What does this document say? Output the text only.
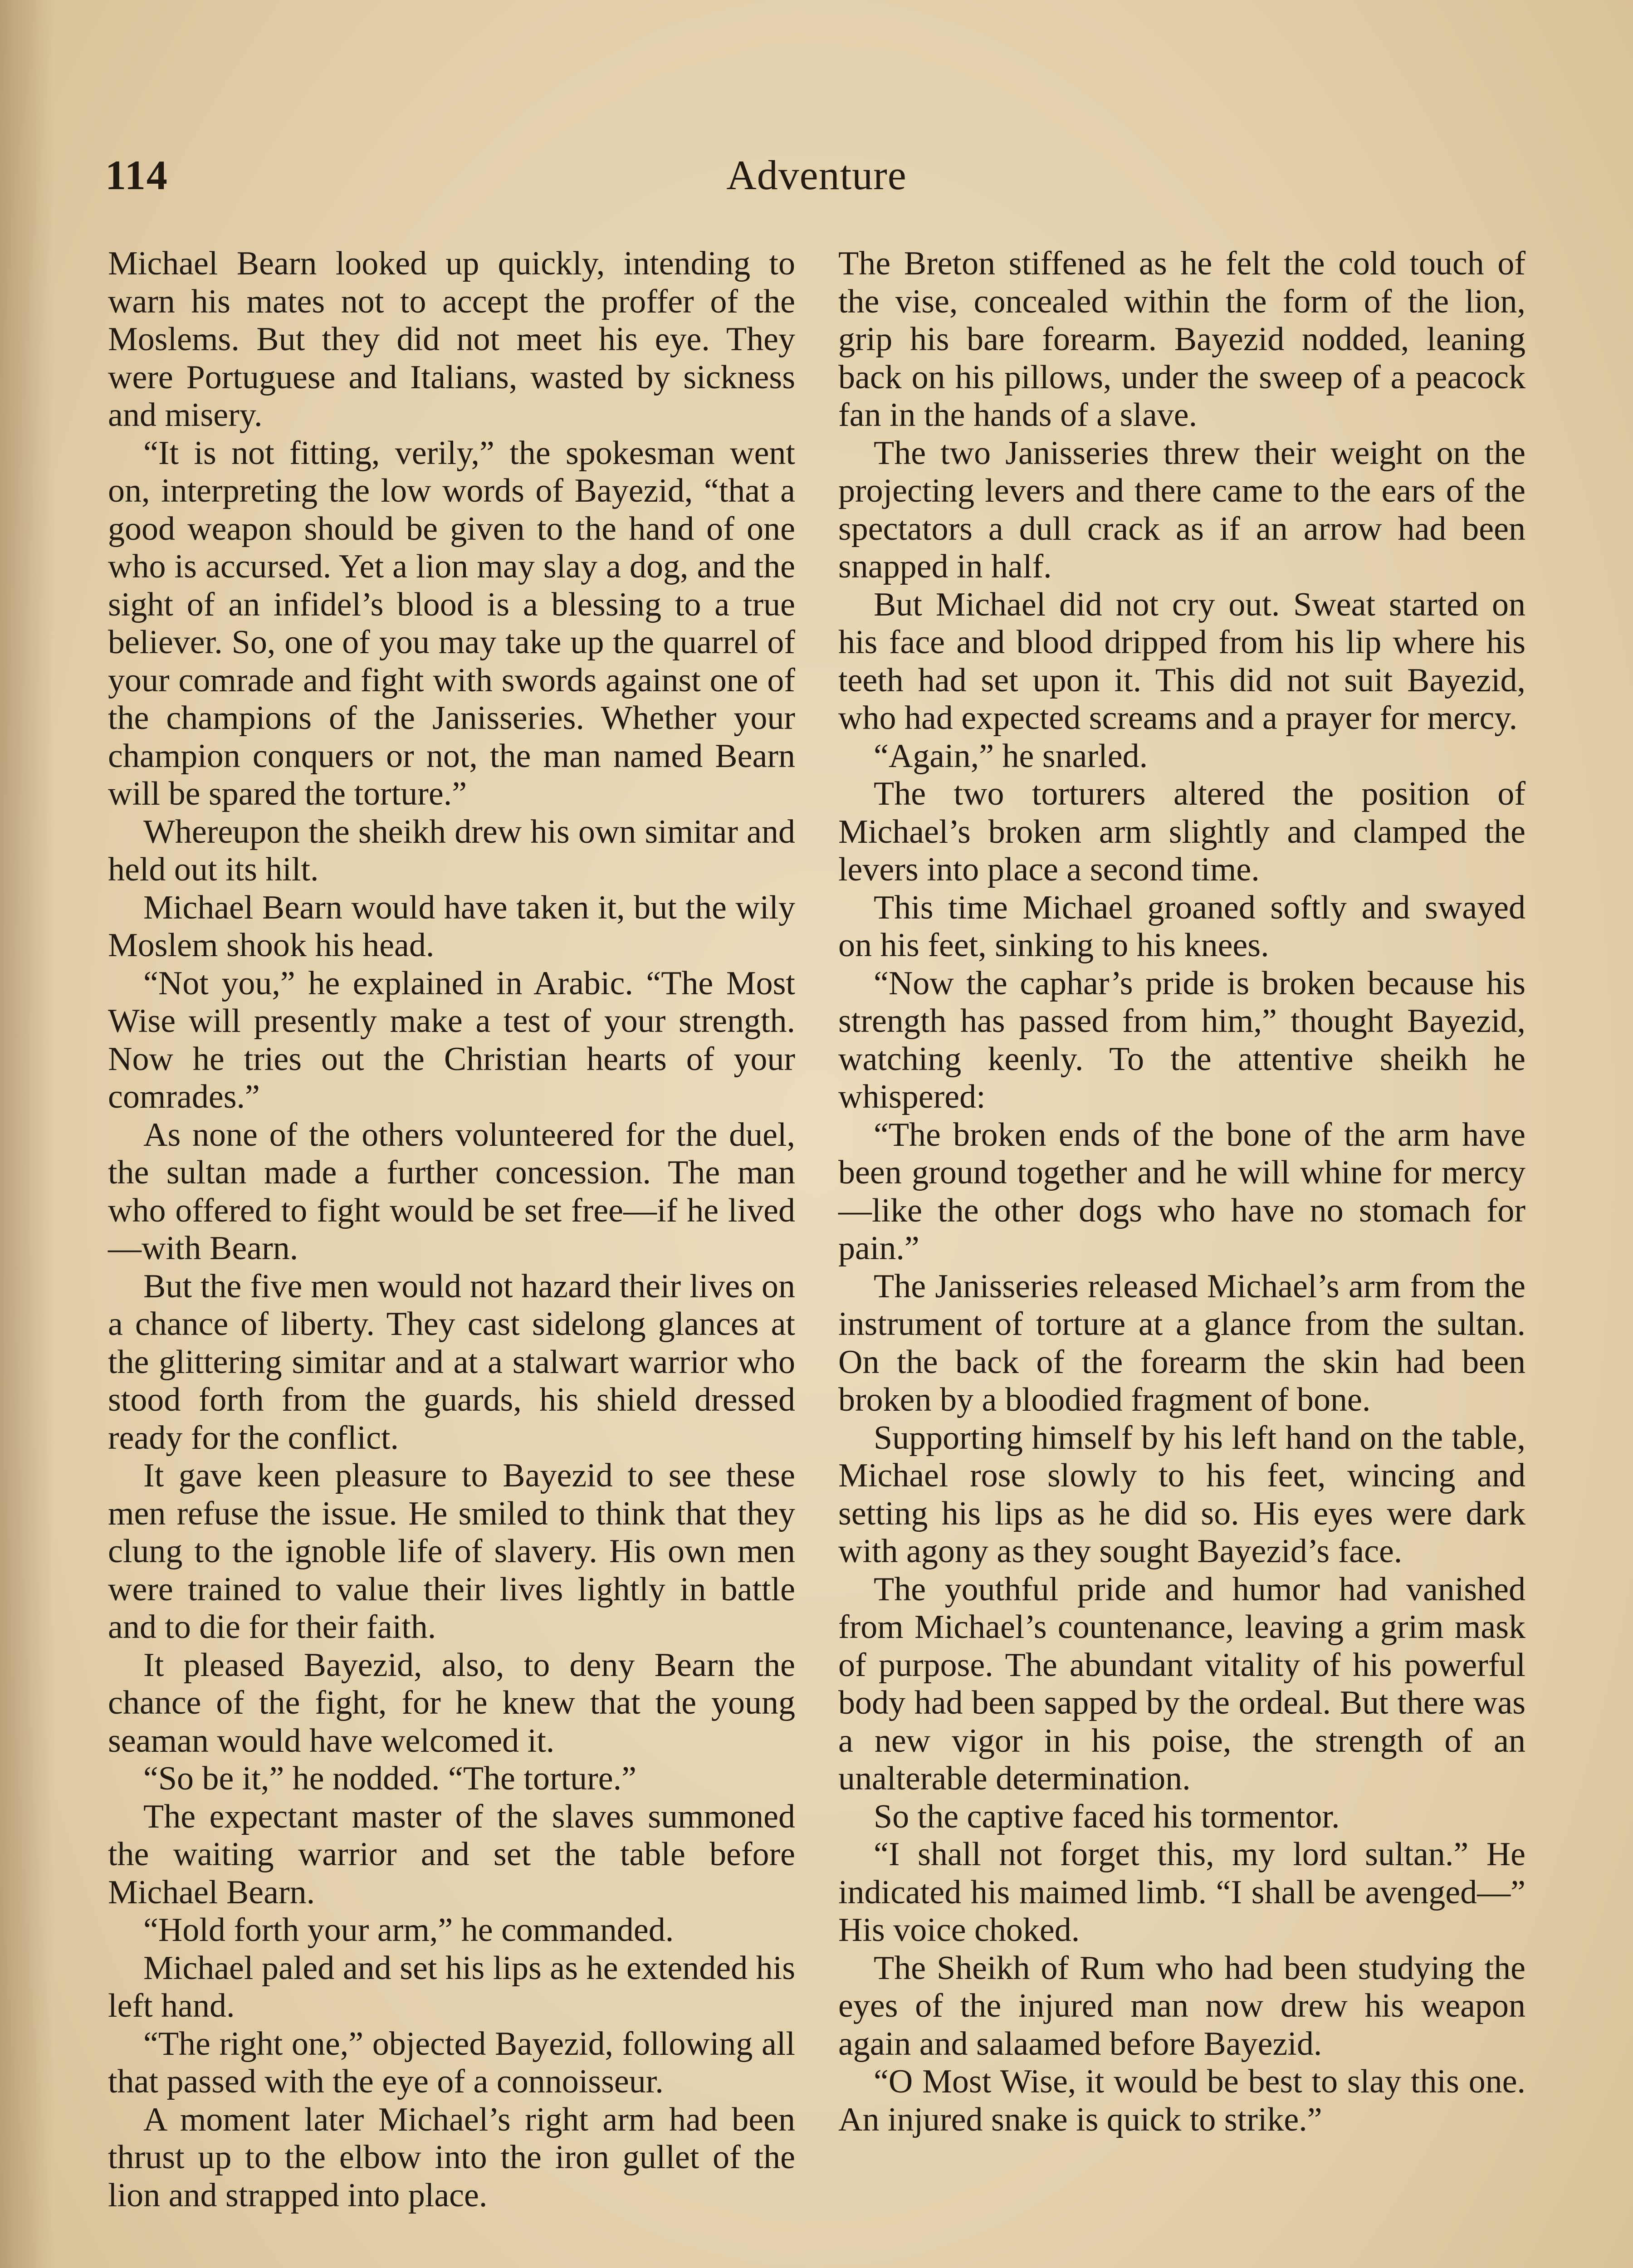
114	Adventure

Michael Bearn looked up quickly, intending to warn his mates not to accept the proffer of the Moslems. But they did not meet his eye. They were Portuguese and Italians, wasted by sickness and misery.

“It is not fitting, verily,” the spokesman went on, interpreting the low words of Bayezid, “that a good weapon should be given to the hand of one who is accursed. Yet a lion may slay a dog, and the sight of an infidel’s blood is a blessing to a true believer. So, one of you may take up the quarrel of your comrade and fight with swords against one of the champions of the Janisseries. Whether your champion conquers or not, the man named Bearn will be spared the torture.”

Whereupon the sheikh drew his own simitar and held out its hilt.

Michael Bearn would have taken it, but the wily Moslem shook his head.

“Not you,” he explained in Arabic. “The Most Wise will presently make a test of your strength. Now he tries out the Christian hearts of your comrades.”

As none of the others volunteered for the duel, the sultan made a further concession. The man who offered to fight would be set free—if he lived—with Bearn.

But the five men would not hazard their lives on a chance of liberty. They cast sidelong glances at the glittering simitar and at a stalwart warrior who stood forth from the guards, his shield dressed ready for the conflict.

It gave keen pleasure to Bayezid to see these men refuse the issue. He smiled to think that they clung to the ignoble life of slavery. His own men were trained to value their lives lightly in battle and to die for their faith.

It pleased Bayezid, also, to deny Bearn the chance of the fight, for he knew that the young seaman would have welcomed it.

“So be it,” he nodded. “The torture.”

The expectant master of the slaves summoned the waiting warrior and set the table before Michael Bearn.

“Hold forth your arm,” he commanded.

Michael paled and set his lips as he extended his left hand.

“The right one,” objected Bayezid, following all that passed with the eye of a connoisseur.

A moment later Michael’s right arm had been thrust up to the elbow into the iron gullet of the lion and strapped into place.

The Breton stiffened as he felt the cold touch of the vise, concealed within the form of the lion, grip his bare forearm. Bayezid nodded, leaning back on his pillows, under the sweep of a peacock fan in the hands of a slave.

The two Janisseries threw their weight on the projecting levers and there came to the ears of the spectators a dull crack as if an arrow had been snapped in half.

But Michael did not cry out. Sweat started on his face and blood dripped from his lip where his teeth had set upon it. This did not suit Bayezid, who had expected screams and a prayer for mercy.

“Again,” he snarled.

The two torturers altered the position of Michael’s broken arm slightly and clamped the levers into place a second time.

This time Michael groaned softly and swayed on his feet, sinking to his knees.

“Now the caphar’s pride is broken because his strength has passed from him,” thought Bayezid, watching keenly. To the attentive sheikh he whispered:

“The broken ends of the bone of the arm have been ground together and he will whine for mercy—like the other dogs who have no stomach for pain.”

The Janisseries released Michael’s arm from the instrument of torture at a glance from the sultan. On the back of the forearm the skin had been broken by a bloodied fragment of bone.

Supporting himself by his left hand on the table, Michael rose slowly to his feet, wincing and setting his lips as he did so. His eyes were dark with agony as they sought Bayezid’s face.

The youthful pride and humor had vanished from Michael’s countenance, leaving a grim mask of purpose. The abundant vitality of his powerful body had been sapped by the ordeal. But there was a new vigor in his poise, the strength of an unalterable determination.

So the captive faced his tormentor.

“I shall not forget this, my lord sultan.” He indicated his maimed limb. “I shall be avenged—” His voice choked.

The Sheikh of Rum who had been studying the eyes of the injured man now drew his weapon again and salaamed before Bayezid.

“O Most Wise, it would be best to slay this one. An injured snake is quick to strike.”
